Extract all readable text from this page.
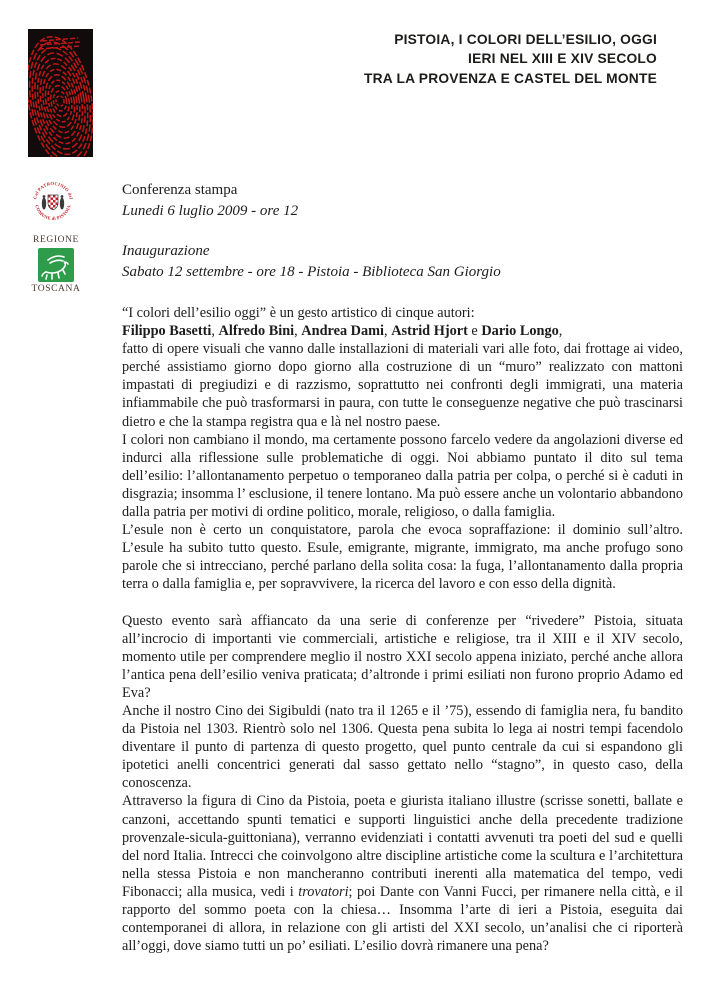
PISTOIA, I COLORI DELL’ESILIO, OGGI
IERI NEL XIII E XIV SECOLO
TRA LA PROVENZA E CASTEL DEL MONTE
Col PATROCINIO del
COMUNE di PISTOIA
REGIONE
TOSCANA
Conferenza stampa
Lunedi 6 luglio 2009 - ore 12
Inaugurazione
Sabato 12 settembre - ore 18 - Pistoia - Biblioteca San Giorgio

“I colori dell’esilio oggi” è un gesto artistico di cinque autori:

Filippo Basetti, Alfredo Bini, Andrea Dami, Astrid Hjort e Dario Longo,

fatto di opere visuali che vanno dalle installazioni di materiali vari alle foto, dai frottage ai video, perché assistiamo giorno dopo giorno alla costruzione di un “muro” realizzato con mattoni impastati di pregiudizi e di razzismo, soprattutto nei confronti degli immigrati, una materia infiammabile che può trasformarsi in paura, con tutte le conseguenze negative che può trascinarsi dietro e che la stampa registra qua e là nel nostro paese.

I colori non cambiano il mondo, ma certamente possono farcelo vedere da angolazioni diverse ed indurci alla riflessione sulle problematiche di oggi. Noi abbiamo puntato il dito sul tema dell’esilio: l’allontanamento perpetuo o temporaneo dalla patria per colpa, o perché si è caduti in disgrazia; insomma l’ esclusione, il tenere lontano. Ma può essere anche un volontario abbandono dalla patria per motivi di ordine politico, morale, religioso, o dalla famiglia.

L’esule non è certo un conquistatore, parola che evoca sopraffazione: il dominio sull’altro. L’esule ha subito tutto questo. Esule, emigrante, migrante, immigrato, ma anche profugo sono parole che si intrecciano, perché parlano della solita cosa: la fuga, l’allontanamento dalla propria terra o dalla famiglia e, per sopravvivere, la ricerca del lavoro e con esso della dignità.

Questo evento sarà affiancato da una serie di conferenze per “rivedere” Pistoia, situata all’incrocio di importanti vie commerciali, artistiche e religiose, tra il XIII e il XIV secolo, momento utile per comprendere meglio il nostro XXI secolo appena iniziato, perché anche allora l’antica pena dell’esilio veniva praticata; d’altronde i primi esiliati non furono proprio Adamo ed Eva?

Anche il nostro Cino dei Sigibuldi (nato tra il 1265 e il ’75), essendo di famiglia nera, fu bandito da Pistoia nel 1303. Rientrò solo nel 1306. Questa pena subita lo lega ai nostri tempi facendolo diventare il punto di partenza di questo progetto, quel punto centrale da cui si espandono gli ipotetici anelli concentrici generati dal sasso gettato nello “stagno”, in questo caso, della conoscenza.

Attraverso la figura di Cino da Pistoia, poeta e giurista italiano illustre (scrisse sonetti, ballate e canzoni, accettando spunti tematici e supporti linguistici anche della precedente tradizione provenzale-sicula-guittoniana), verranno evidenziati i contatti avvenuti tra poeti del sud e quelli del nord Italia. Intrecci che coinvolgono altre discipline artistiche come la scultura e l’architettura nella stessa Pistoia e non mancheranno contributi inerenti alla matematica del tempo, vedi Fibonacci; alla musica, vedi i trovatori; poi Dante con Vanni Fucci, per rimanere nella città, e il rapporto del sommo poeta con la chiesa… Insomma l’arte di ieri a Pistoia, eseguita dai contemporanei di allora, in relazione con gli artisti del XXI secolo, un’analisi che ci riporterà all’oggi, dove siamo tutti un po’ esiliati. L’esilio dovrà rimanere una pena?
